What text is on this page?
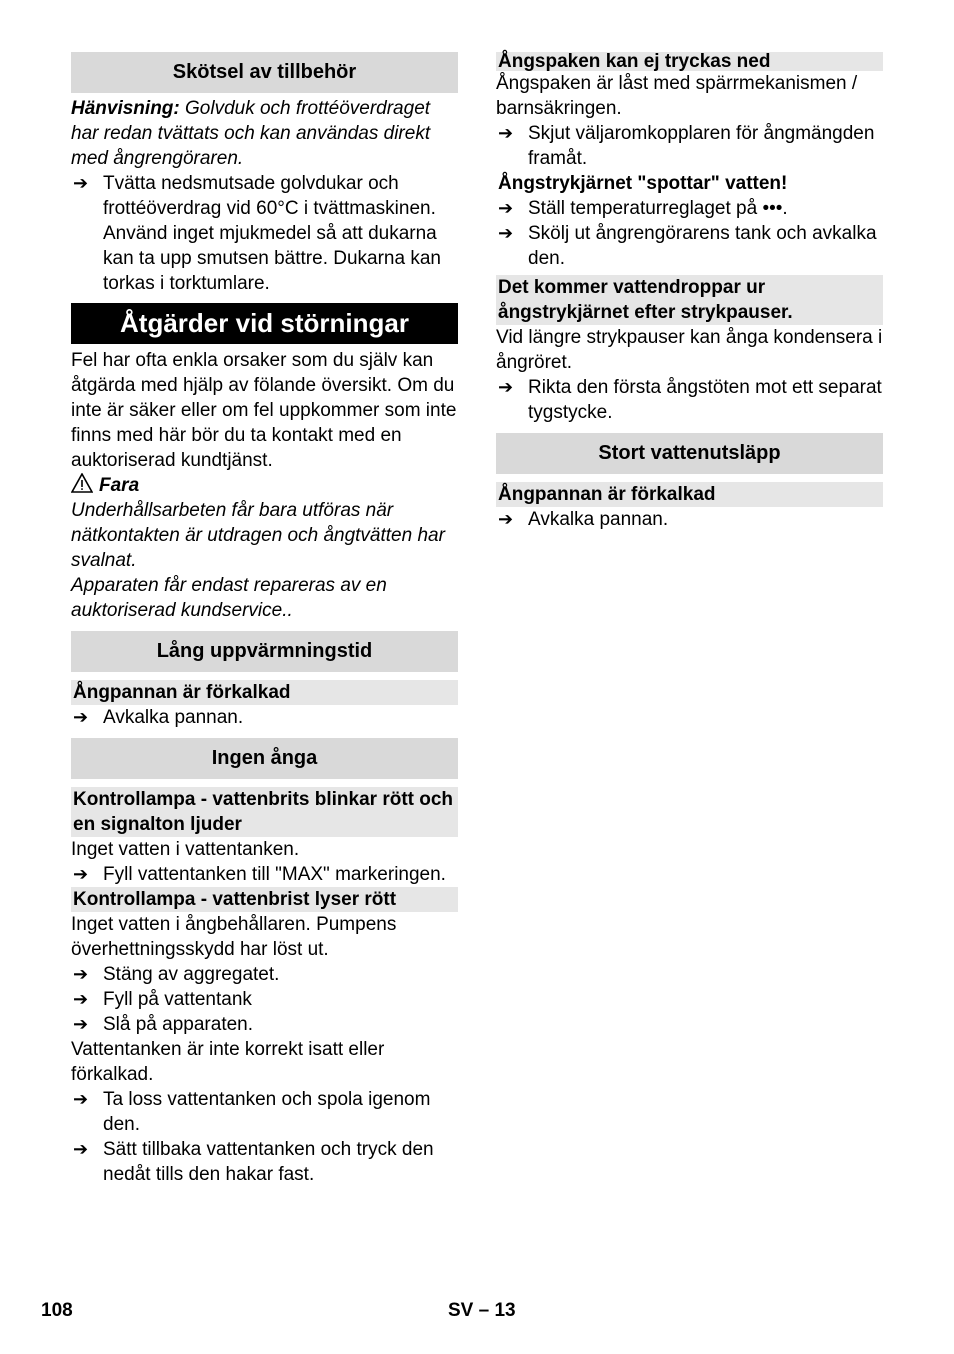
Skötsel av tillbehör
Hänvisning: Golvduk och frottéöverdraget har redan tvättats och kan användas direkt med ångrengöraren.
➔ Tvätta nedsmutsade golvdukar och frottéöverdrag vid 60°C i tvättmaskinen. Använd inget mjukmedel så att dukarna kan ta upp smutsen bättre. Dukarna kan torkas i torktumlare.
Åtgärder vid störningar
Fel har ofta enkla orsaker som du själv kan åtgärda med hjälp av fölande översikt. Om du inte är säker eller om fel uppkommer som inte finns med här bör du ta kontakt med en auktoriserad kundtjänst.
Fara
Underhållsarbeten får bara utföras när nätkontakten är utdragen och ångtvätten har svalnat.
Apparaten får endast repareras av en auktoriserad kundservice..
Lång uppvärmningstid
Ångpannan är förkalkad
➔ Avkalka pannan.
Ingen ånga
Kontrollampa - vattenbrits blinkar rött och en signalton ljuder
Inget vatten i vattentanken.
➔ Fyll vattentanken till "MAX" markeringen.
Kontrollampa - vattenbrist lyser rött
Inget vatten i ångbehållaren. Pumpens överhettningsskydd har löst ut.
➔ Stäng av aggregatet.
➔ Fyll på vattentank
➔ Slå på apparaten.
Vattentanken är inte korrekt isatt eller förkalkad.
➔ Ta loss vattentanken och spola igenom den.
➔ Sätt tillbaka vattentanken och tryck den nedåt tills den hakar fast.
Ångspaken kan ej tryckas ned
Ångspaken är låst med spärrmekanismen / barnsäkringen.
➔ Skjut väljaromkopplaren för ångmängden framåt.
Ångstrykjärnet "spottar" vatten!
➔ Ställ temperaturreglaget på •••.
➔ Skölj ut ångrengörarens tank och avkalka den.
Det kommer vattendroppar ur ångstrykjärnet efter strykpauser.
Vid längre strykpauser kan ånga kondensera i ångröret.
➔ Rikta den första ångstöten mot ett separat tygstycke.
Stort vattenutsläpp
Ångpannan är förkalkad
➔ Avkalka pannan.
108	SV – 13
